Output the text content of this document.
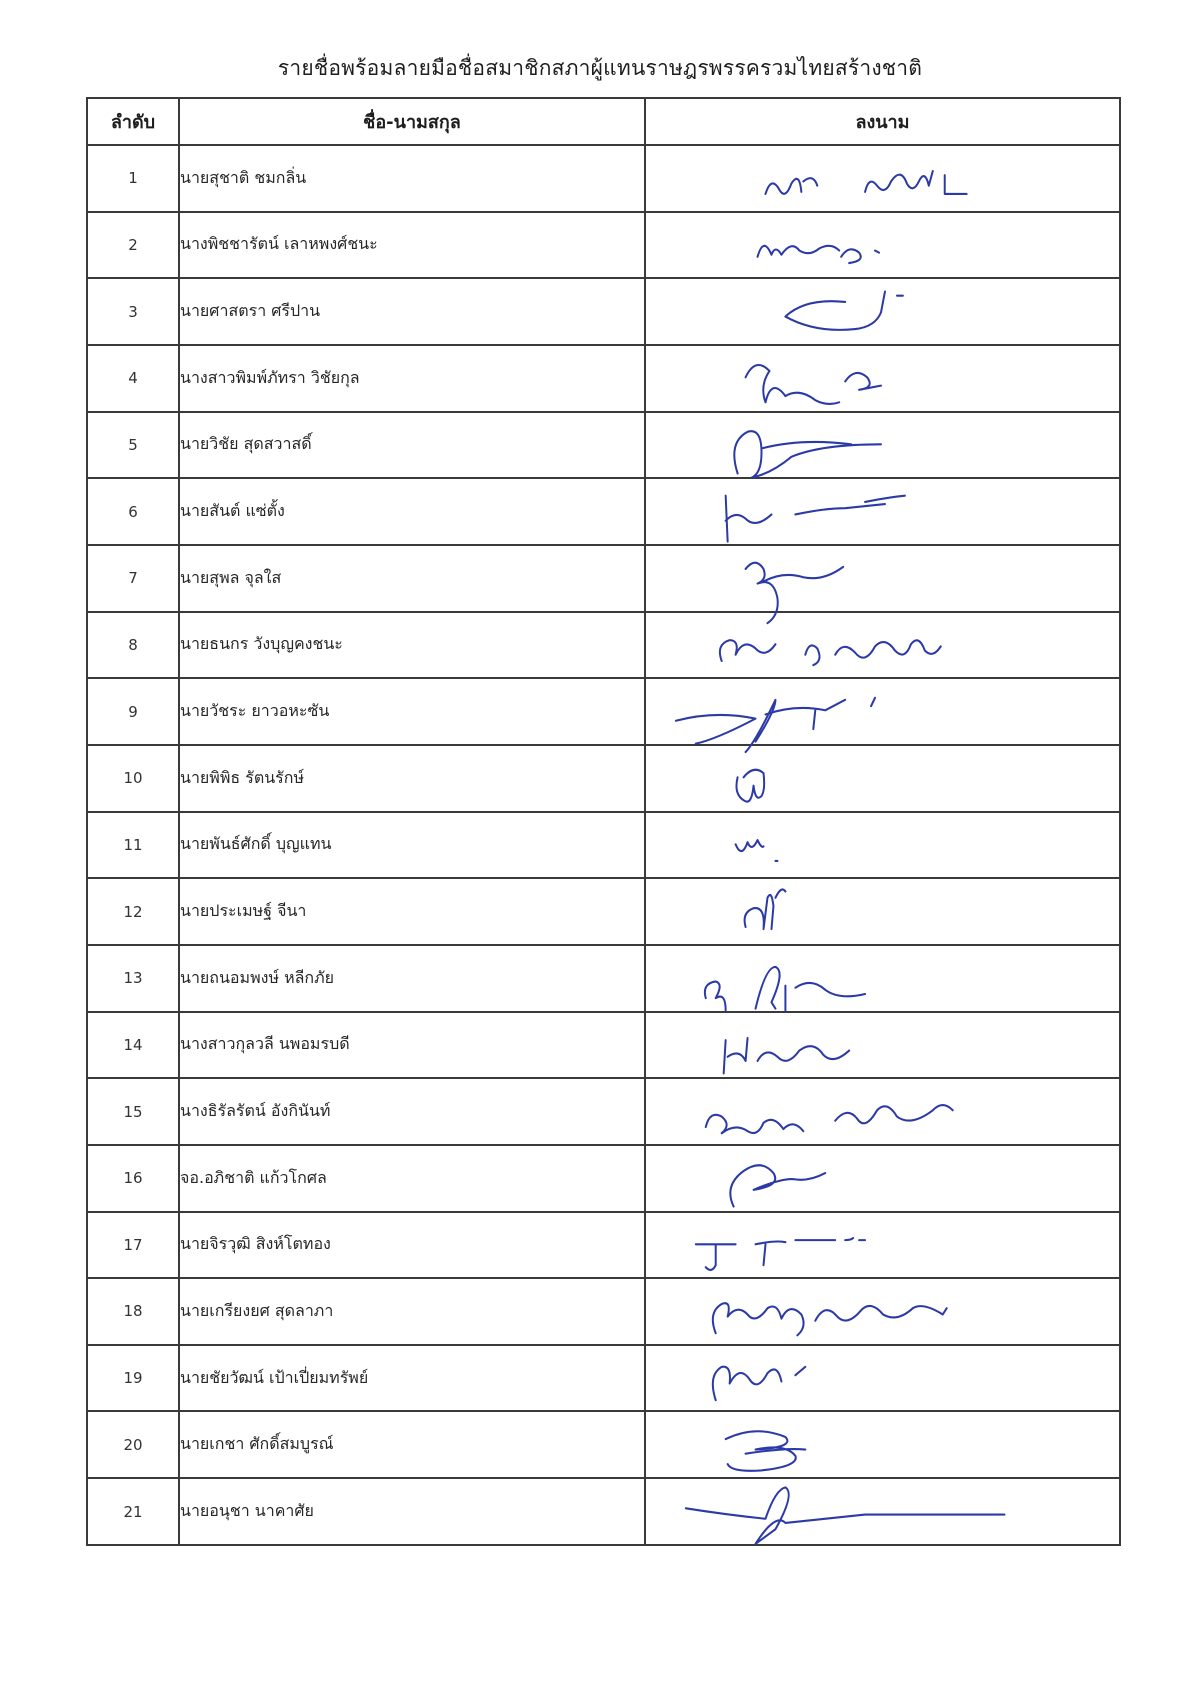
รายชื่อพร้อมลายมือชื่อสมาชิกสภาผู้แทนราษฎรพรรครวมไทยสร้างชาติ
ลำดับ	ชื่อ-นามสกุล	ลงนาม
1	นายสุชาติ ชมกลิ่น	

2	นางพิชชารัตน์ เลาหพงศ์ชนะ	

3	นายศาสตรา ศรีปาน	

4	นางสาวพิมพ์ภัทรา วิชัยกุล	

5	นายวิชัย สุดสวาสดิ์	

6	นายสันต์ แซ่ตั้ง	

7	นายสุพล จุลใส	

8	นายธนกร วังบุญคงชนะ	

9	นายวัชระ ยาวอหะซัน	

10	นายพิพิธ รัตนรักษ์	

11	นายพันธ์ศักดิ์ บุญแทน	

12	นายประเมษฐ์ จีนา	

13	นายถนอมพงษ์ หลีกภัย	

14	นางสาวกุลวลี นพอมรบดี	

15	นางธิรัลรัตน์ อังกินันท์	

16	จอ.อภิชาติ แก้วโกศล	

17	นายจิรวุฒิ สิงห์โตทอง	

18	นายเกรียงยศ สุดลาภา	

19	นายชัยวัฒน์ เป้าเปี่ยมทรัพย์	

20	นายเกชา ศักดิ์สมบูรณ์	

21	นายอนุชา นาคาศัย	
